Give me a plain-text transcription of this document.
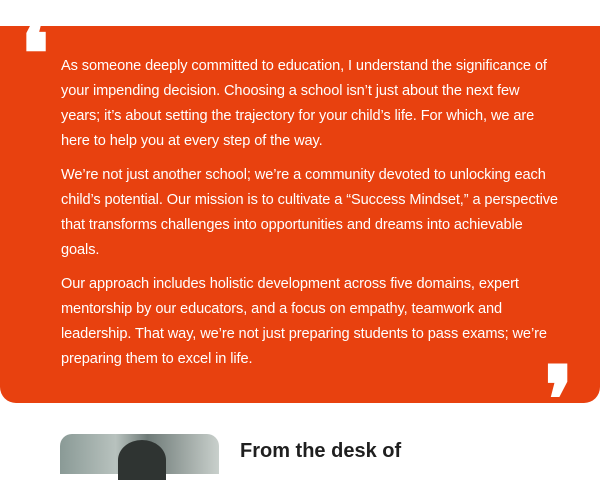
❛ As someone deeply committed to education, I understand the significance of your impending decision. Choosing a school isn’t just about the next few years; it’s about setting the trajectory for your child’s life. For which, we are here to help you at every step of the way.

We’re not just another school; we’re a community devoted to unlocking each child’s potential. Our mission is to cultivate a “Success Mindset,” a perspective that transforms challenges into opportunities and dreams into achievable goals.

Our approach includes holistic development across five domains, expert mentorship by our educators, and a focus on empathy, teamwork and leadership. That way, we’re not just preparing students to pass exams; we’re preparing them to excel in life.	❜
From the desk of
